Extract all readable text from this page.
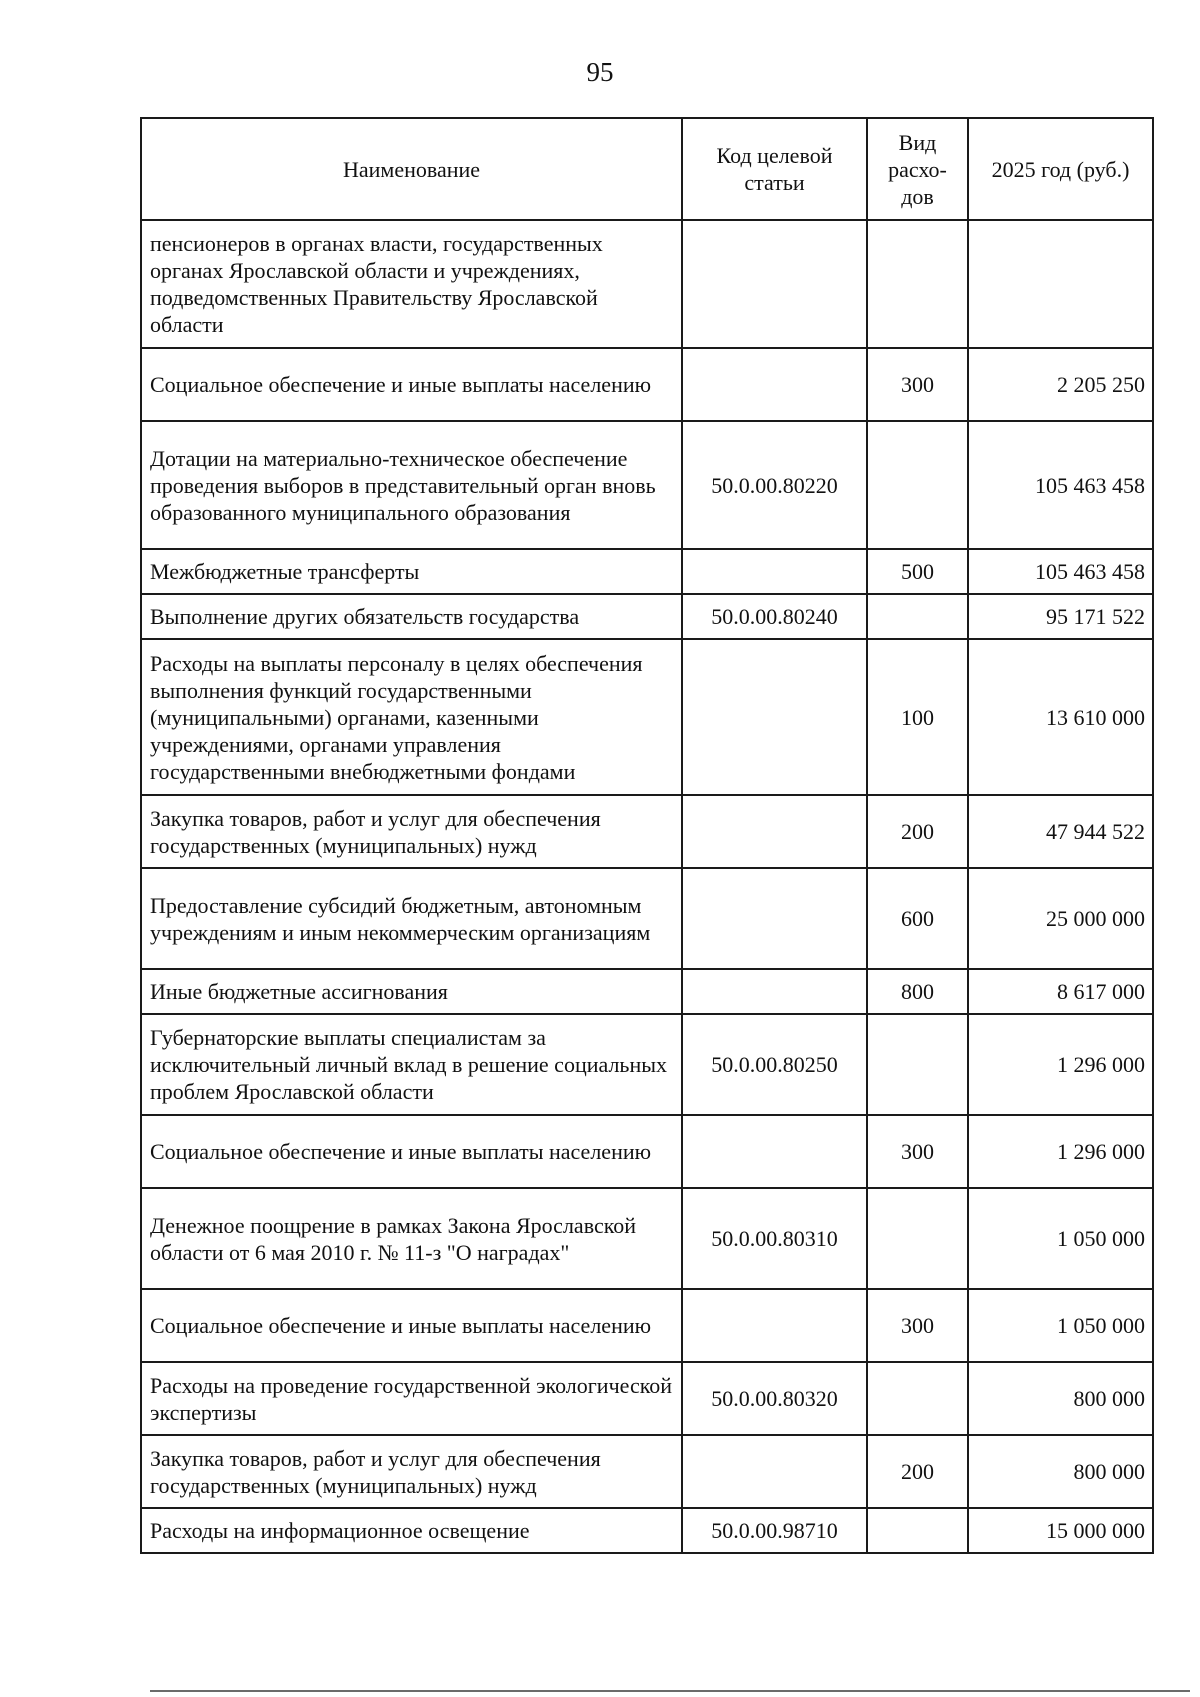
95
Наименование	Код целевой статьи	Вид расхо- дов	2025 год (руб.)
пенсионеров в органах власти, государственных органах Ярославской области и учреждениях, подведомственных Правительству Ярославской области			
Социальное обеспечение и иные выплаты населению		300	2 205 250
Дотации на материально-техническое обеспечение проведения выборов в представительный орган вновь образованного муниципального образования	50.0.00.80220		105 463 458
Межбюджетные трансферты		500	105 463 458
Выполнение других обязательств государства	50.0.00.80240		95 171 522
Расходы на выплаты персоналу в целях обеспечения выполнения функций государственными (муниципальными) органами, казенными учреждениями, органами управления государственными внебюджетными фондами		100	13 610 000
Закупка товаров, работ и услуг для обеспечения государственных (муниципальных) нужд		200	47 944 522
Предоставление субсидий бюджетным, автономным учреждениям и иным некоммерческим организациям		600	25 000 000
Иные бюджетные ассигнования		800	8 617 000
Губернаторские выплаты специалистам за исключительный личный вклад в решение социальных проблем Ярославской области	50.0.00.80250		1 296 000
Социальное обеспечение и иные выплаты населению		300	1 296 000
Денежное поощрение в рамках Закона Ярославской области от 6 мая 2010 г. № 11-з "О наградах"	50.0.00.80310		1 050 000
Социальное обеспечение и иные выплаты населению		300	1 050 000
Расходы на проведение государственной экологической экспертизы	50.0.00.80320		800 000
Закупка товаров, работ и услуг для обеспечения государственных (муниципальных) нужд		200	800 000
Расходы на информационное освещение	50.0.00.98710		15 000 000
